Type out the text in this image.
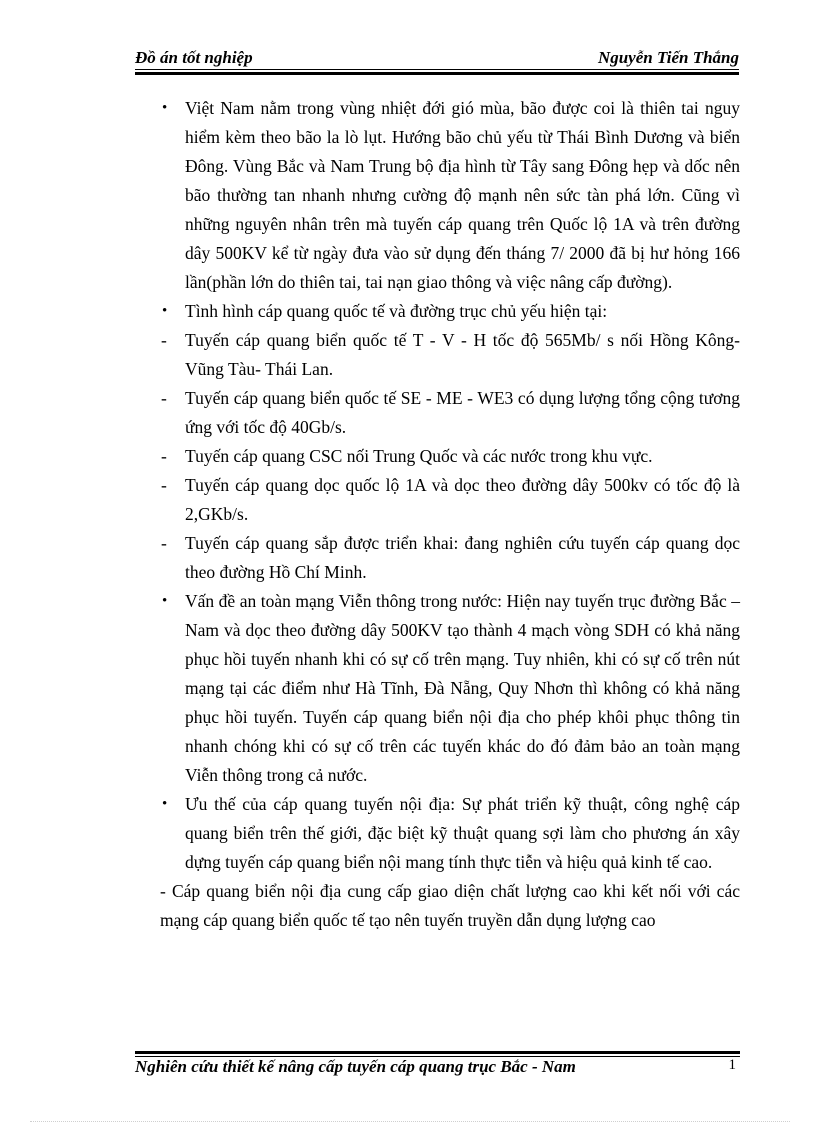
Đồ án tốt nghiệp	Nguyễn Tiến Thắng
•	Việt Nam nằm trong vùng nhiệt đới gió mùa, bão được coi là thiên tai nguy hiểm kèm theo bão la lò lụt. Hướng bão chủ yếu từ Thái Bình Dương và biển Đông. Vùng Bắc và Nam Trung bộ địa hình từ Tây sang Đông hẹp và dốc nên bão thường tan nhanh nhưng cường độ mạnh nên sức tàn phá lớn. Cũng vì những nguyên nhân trên mà tuyến cáp quang trên Quốc lộ 1A và trên đường dây 500KV kể từ ngày đưa vào sử dụng đến tháng 7/ 2000 đã bị hư hỏng 166 lần(phần lớn do thiên tai, tai nạn giao thông và việc nâng cấp đường).
•	Tình hình cáp quang quốc tế và đường trục chủ yếu hiện tại:
-	Tuyến cáp quang biển quốc tế T - V - H tốc độ 565Mb/ s nối Hồng Kông- Vũng Tàu- Thái Lan.
-	Tuyến cáp quang biển quốc tế SE - ME - WE3 có dụng lượng tổng cộng tương ứng với tốc độ 40Gb/s.
-	Tuyến cáp quang CSC nối Trung Quốc và các nước trong khu vực.
-	Tuyến cáp quang dọc quốc lộ 1A và dọc theo đường dây 500kv có tốc độ là 2,GKb/s.
-	Tuyến cáp quang sắp được triển khai: đang nghiên cứu tuyến cáp quang dọc theo đường Hồ Chí Minh.
•	Vấn đề an toàn mạng Viễn thông trong nước: Hiện nay tuyến trục đường Bắc – Nam và dọc theo đường dây 500KV tạo thành 4 mạch vòng SDH có khả năng phục hồi tuyến nhanh khi có sự cố trên mạng. Tuy nhiên, khi có sự cố trên nút mạng tại các điểm như Hà Tĩnh, Đà Nẵng, Quy Nhơn thì không có khả năng phục hồi tuyến. Tuyến cáp quang biển nội địa cho phép khôi phục thông tin nhanh chóng khi có sự cố trên các tuyến khác do đó đảm bảo an toàn mạng Viễn thông trong cả nước.
•	Ưu thế của cáp quang tuyến nội địa: Sự phát triển kỹ thuật, công nghệ cáp quang biển trên thế giới, đặc biệt kỹ thuật quang sợi làm cho phương án xây dựng tuyến cáp quang biển nội mang tính thực tiễn và hiệu quả kinh tế cao.
- Cáp quang biển nội địa cung cấp giao diện chất lượng cao khi kết nối với các mạng cáp quang biển quốc tế tạo nên tuyến truyền dẫn dụng lượng cao
Nghiên cứu thiết kế nâng cấp tuyến cáp quang trục Bắc - Nam	1
